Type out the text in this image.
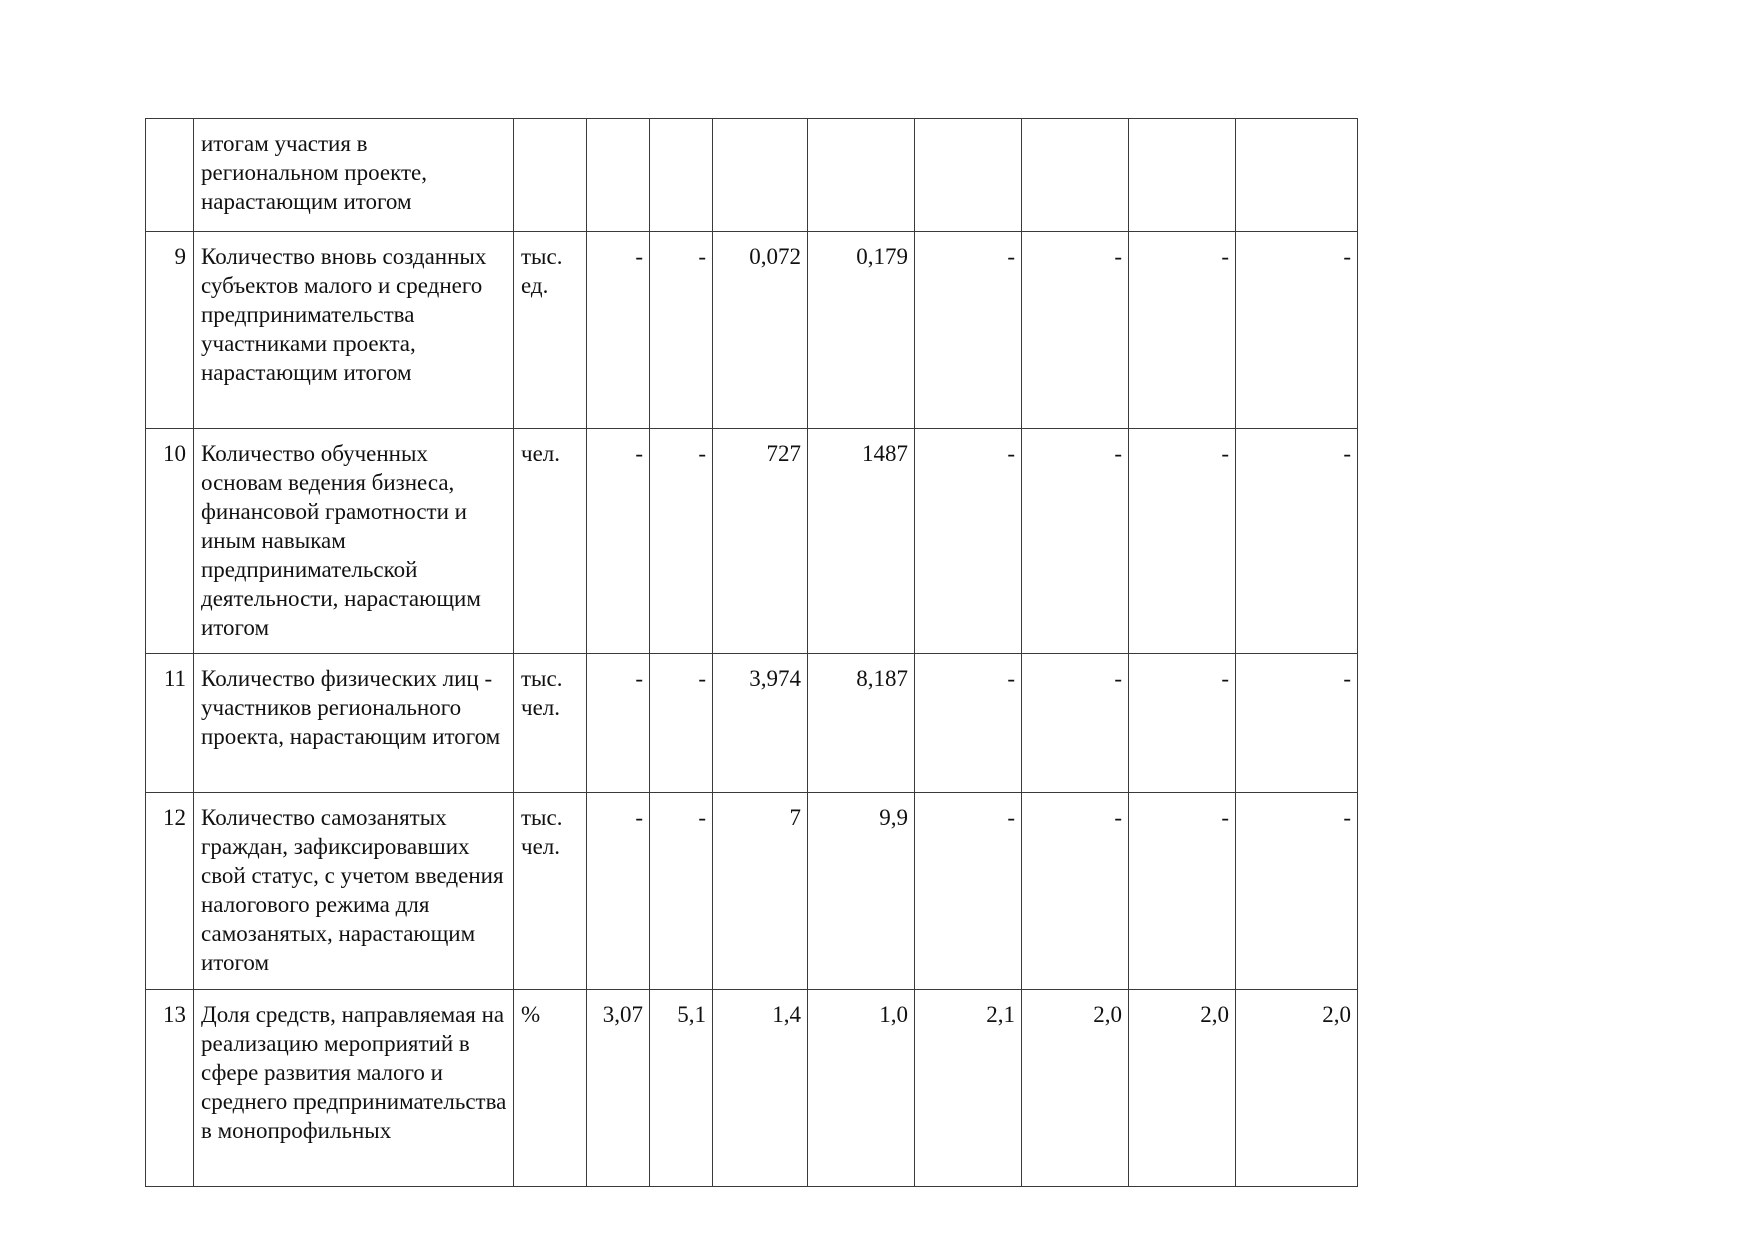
	итогам участия в региональном проекте, нарастающим итогом									
9	Количество вновь созданных субъектов малого и среднего предпринимательства участниками проекта, нарастающим итогом	тыс. ед.	-	-	0,072	0,179	-	-	-	-
10	Количество обученных основам ведения бизнеса, финансовой грамотности и иным навыкам предпринимательской деятельности, нарастающим итогом	чел.	-	-	727	1487	-	-	-	-
11	Количество физических лиц - участников регионального проекта, нарастающим итогом	тыс. чел.	-	-	3,974	8,187	-	-	-	-
12	Количество самозанятых граждан, зафиксировавших свой статус, с учетом введения налогового режима для самозанятых, нарастающим итогом	тыс. чел.	-	-	7	9,9	-	-	-	-
13	Доля средств, направляемая на реализацию мероприятий в сфере развития малого и среднего предпринимательства в монопрофильных	%	3,07	5,1	1,4	1,0	2,1	2,0	2,0	2,0
